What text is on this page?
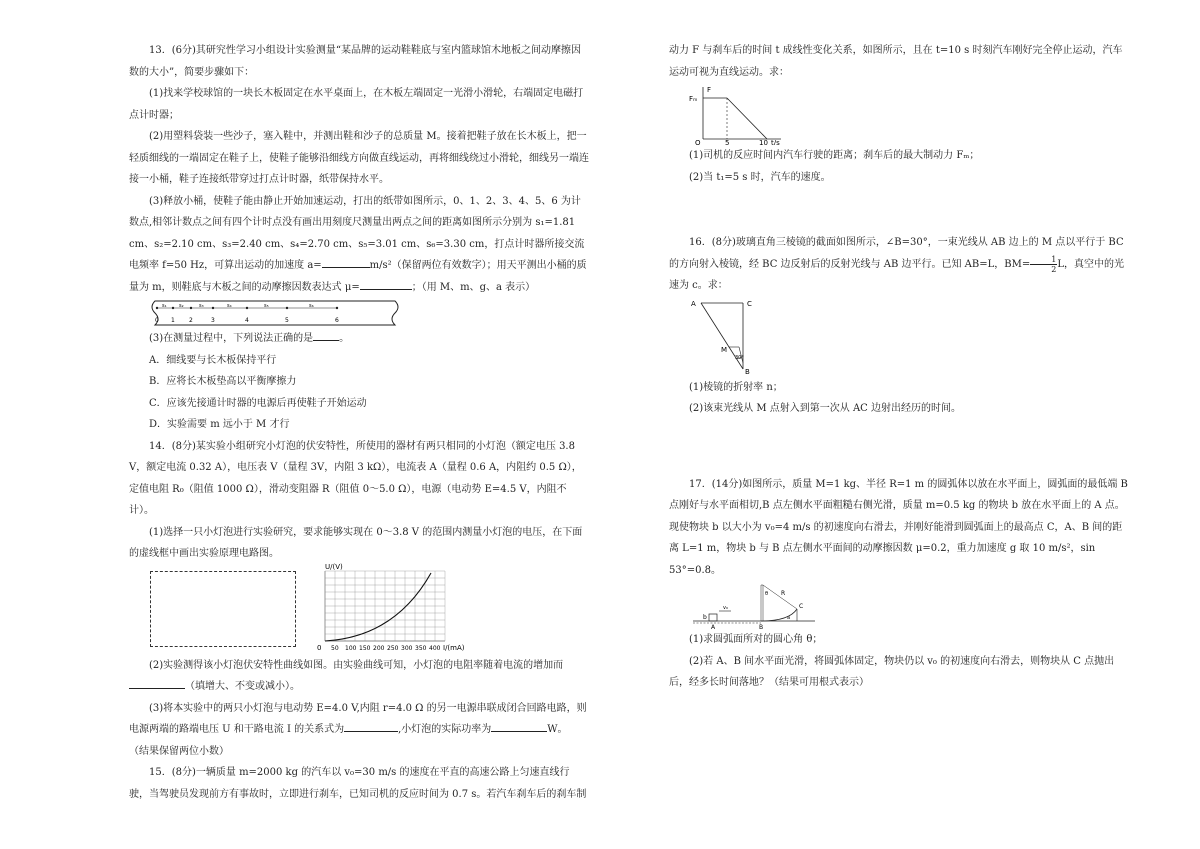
13．(6分)其研究性学习小组设计实验测量“某品牌的运动鞋鞋底与室内篮球馆木地板之间动摩擦因数的大小”，简要步骤如下：

(1)找来学校球馆的一块长木板固定在水平桌面上，在木板左端固定一光滑小滑轮，右端固定电磁打点计时器；

(2)用塑料袋装一些沙子，塞入鞋中，并测出鞋和沙子的总质量 M。接着把鞋子放在长木板上，把一轻质细线的一端固定在鞋子上，使鞋子能够沿细线方向做直线运动，再将细线绕过小滑轮，细线另一端连接一小桶，鞋子连接纸带穿过打点计时器，纸带保持水平。

(3)释放小桶，使鞋子能由静止开始加速运动，打出的纸带如图所示，0、1、2、3、4、5、6 为计数点,相邻计数点之间有四个计时点没有画出用刻度尺测量出两点之间的距离如图所示分别为 s₁=1.81 cm、s₂=2.10 cm、s₃=2.40 cm、s₄=2.70 cm、s₅=3.01 cm、s₆=3.30 cm，打点计时器所接交流电频率 f=50 Hz，可算出运动的加速度 a=	m/s²（保留两位有效数字）；用天平测出小桶的质量为 m，则鞋底与木板之间的动摩擦因数表达式 μ=	；（用 M、m、g、a 表示）

0 1 2	3	4	5	6
s₁ s₂	s₃	s₄	s₅	s₆

(3)在测量过程中，下列说法正确的是	。

A．细线要与长木板保持平行

B．应将长木板垫高以平衡摩擦力

C．应该先接通计时器的电源后再使鞋子开始运动

D．实验需要 m 远小于 M 才行

14．(8分)某实验小组研究小灯泡的伏安特性，所使用的器材有两只相同的小灯泡（额定电压 3.8 V，额定电流 0.32 A），电压表 V（量程 3V，内阻 3 kΩ），电流表 A（量程 0.6 A，内阻约 0.5 Ω），定值电阻 R₀（阻值 1000 Ω），滑动变阻器 R（阻值 0～5.0 Ω），电源（电动势 E=4.5 V，内阻不计）。

(1)选择一只小灯泡进行实验研究，要求能够实现在 0～3.8 V 的范围内测量小灯泡的电压，在下面的虚线框中画出实验原理电路图。

50 100 150 200 250 300 350 400
U/(V)
I/(mA)
0

(2)实验测得该小灯泡伏安特性曲线如图。由实验曲线可知，小灯泡的电阻率随着电流的增加而

（填增大、不变或减小）。

(3)将本实验中的两只小灯泡与电动势 E=4.0 V,内阻 r=4.0 Ω 的另一电源串联成闭合回路电路，则电源两端的路端电压 U 和干路电流 I 的关系式为	,小灯泡的实际功率为	W。

（结果保留两位小数）

15．(8分)一辆质量 m=2000 kg 的汽车以 v₀=30 m/s 的速度在平直的高速公路上匀速直线行驶，当驾驶员发现前方有事故时，立即进行刹车，已知司机的反应时间为 0.7 s。若汽车刹车后的刹车制

动力 F 与刹车后的时间 t 成线性变化关系，如图所示，且在 t=10 s 时刻汽车刚好完全停止运动，汽车运动可视为直线运动。求：

F
Fₘ
O	5	10 t/s

(1)司机的反应时间内汽车行驶的距离；刹车后的最大制动力 Fₘ；

(2)当 t₁=5 s 时，汽车的速度。

16．(8分)玻璃直角三棱镜的截面如图所示，∠B=30°，一束光线从 AB 边上的 M 点以平行于 BC 的方向射入棱镜，经 BC 边反射后的反射光线与 AB 边平行。已知 AB=L，$BM= \frac{1}{2}$ L，真空中的光速为 c。求：

A	C
M
B
30°

(1)棱镜的折射率 n；

(2)该束光线从 M 点射入到第一次从 AC 边射出经历的时间。

17．(14分)如图所示，质量 M=1 kg、半径 R=1 m 的圆弧体以放在水平面上，圆弧面的最低端 B 点刚好与水平面相切,B 点左侧水平面粗糙右侧光滑，质量 m=0.5 kg 的物块 b 放在水平面上的 A 点。现使物块 b 以大小为 v₀=4 m/s 的初速度向右滑去，并刚好能滑到圆弧面上的最高点 C，A、B 间的距离 L=1 m，物块 b 与 B 点左侧水平面间的动摩擦因数 μ=0.2，重力加速度 g 取 10 m/s²，sin 53°=0.8。

b
v₀
A	B
C
R
a
θ

(1)求圆弧面所对的圆心角 θ；

(2)若 A、B 间水平面光滑，将圆弧体固定，物块仍以 v₀ 的初速度向右滑去，则物块从 C 点抛出后，经多长时间落地？（结果可用根式表示）
